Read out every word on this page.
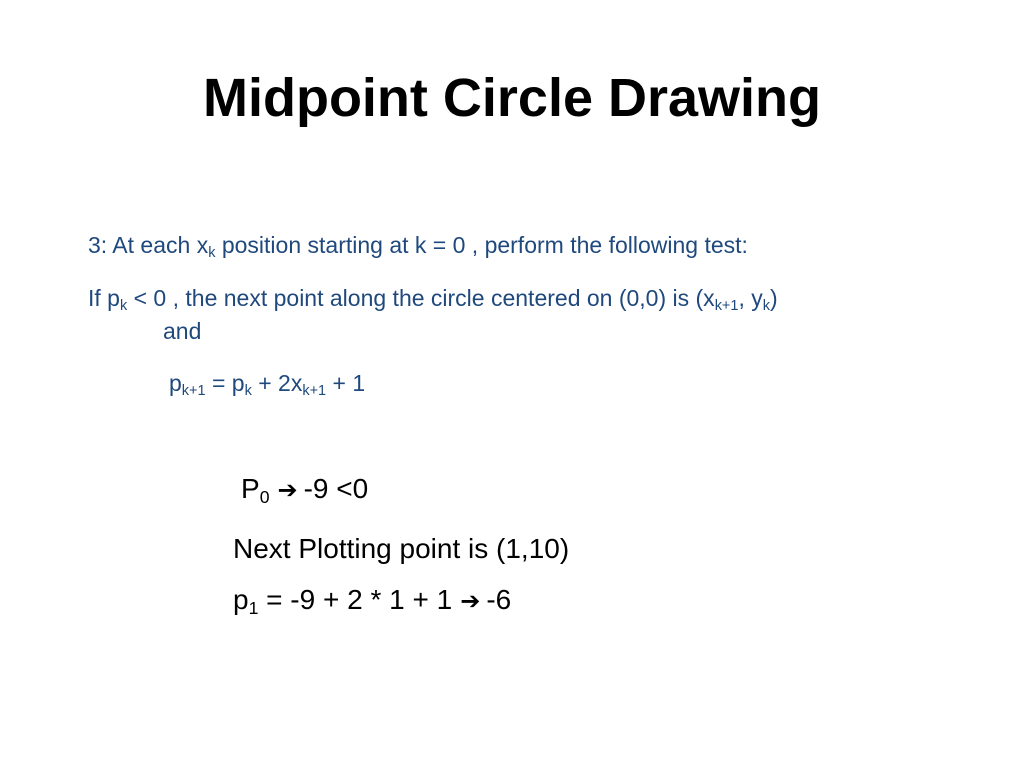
Midpoint Circle Drawing
3: At each $x_k$ position starting at k = 0 , perform the following test:
If $p_k < 0$ , the next point along the circle centered on (0,0) is ($x_{k+1}$, $y_k$)
and
$p_{k+1} = p_k + 2x_{k+1} + 1$
$P_0$ ➔ -9 <0
Next Plotting point is (1,10)
$p_1 = -9 + 2 * 1 + 1$ ➔ -6
